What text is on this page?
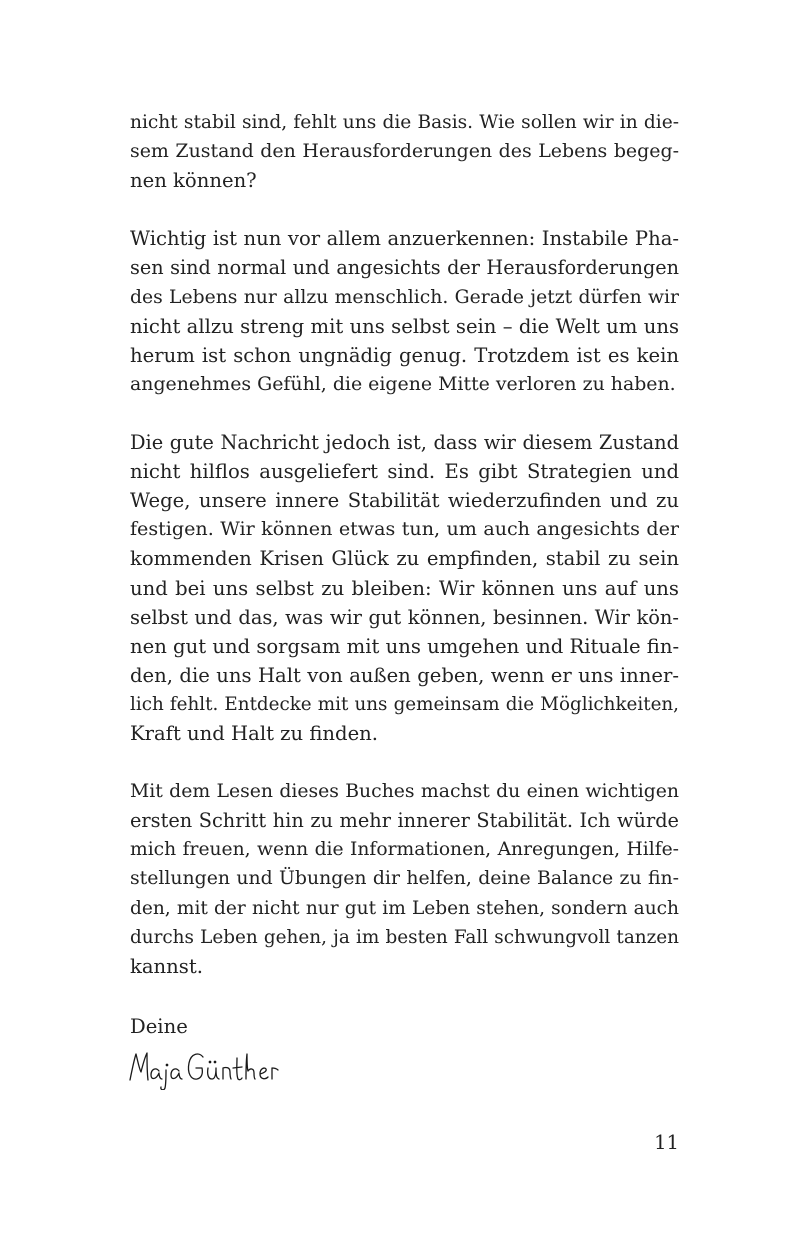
nicht stabil sind, fehlt uns die Basis. Wie sollen wir in die-
sem Zustand den Herausforderungen des Lebens begeg-
nen können?

Wichtig ist nun vor allem anzuerkennen: Instabile Pha-
sen sind normal und angesichts der Herausforderungen
des Lebens nur allzu menschlich. Gerade jetzt dürfen wir
nicht allzu streng mit uns selbst sein – die Welt um uns
herum ist schon ungnädig genug. Trotzdem ist es kein
angenehmes Gefühl, die eigene Mitte verloren zu haben.

Die gute Nachricht jedoch ist, dass wir diesem Zustand
nicht hilflos ausgeliefert sind. Es gibt Strategien und
Wege, unsere innere Stabilität wiederzufinden und zu
festigen. Wir können etwas tun, um auch angesichts der
kommenden Krisen Glück zu empfinden, stabil zu sein
und bei uns selbst zu bleiben: Wir können uns auf uns
selbst und das, was wir gut können, besinnen. Wir kön-
nen gut und sorgsam mit uns umgehen und Rituale fin-
den, die uns Halt von außen geben, wenn er uns inner-
lich fehlt. Entdecke mit uns gemeinsam die Möglichkeiten,
Kraft und Halt zu finden.

Mit dem Lesen dieses Buches machst du einen wichtigen
ersten Schritt hin zu mehr innerer Stabilität. Ich würde
mich freuen, wenn die Informationen, Anregungen, Hilfe-
stellungen und Übungen dir helfen, deine Balance zu fin-
den, mit der nicht nur gut im Leben stehen, sondern auch
durchs Leben gehen, ja im besten Fall schwungvoll tanzen
kannst.

Deine
11
